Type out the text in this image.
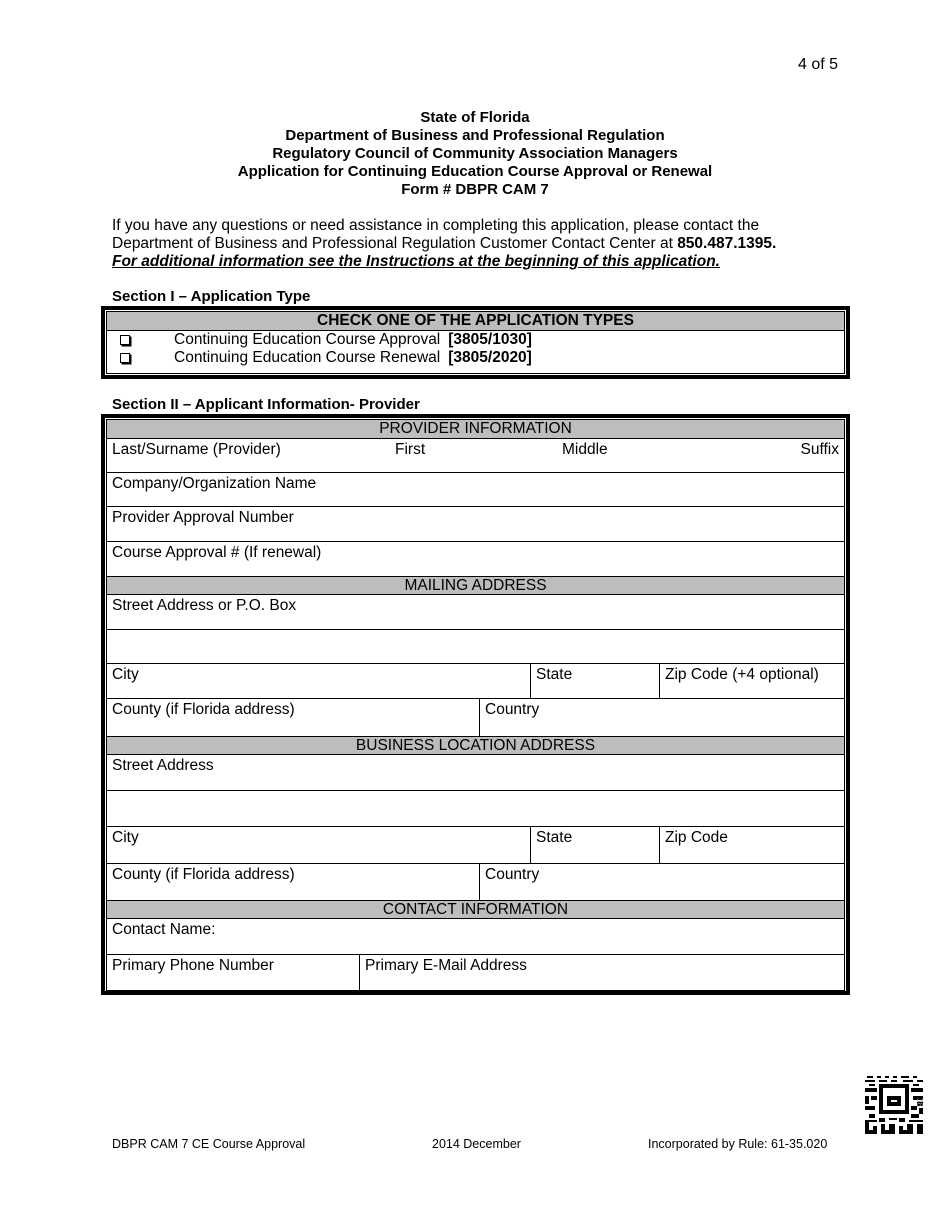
4 of 5
State of Florida
Department of Business and Professional Regulation
Regulatory Council of Community Association Managers
Application for Continuing Education Course Approval or Renewal
Form # DBPR CAM 7
If you have any questions or need assistance in completing this application, please contact the Department of Business and Professional Regulation Customer Contact Center at 850.487.1395.
For additional information see the Instructions at the beginning of this application.
Section I – Application Type
CHECK ONE OF THE APPLICATION TYPES
Continuing Education Course Approval [3805/1030]
Continuing Education Course Renewal [3805/2020]
Section II – Applicant Information- Provider
PROVIDER INFORMATION
Last/Surname (Provider)	First	Middle	Suffix
Company/Organization Name
Provider Approval Number
Course Approval # (If renewal)
MAILING ADDRESS
Street Address or P.O. Box
City	State	Zip Code (+4 optional)
County (if Florida address)	Country
BUSINESS LOCATION ADDRESS
Street Address
City	State	Zip Code
County (if Florida address)	Country
CONTACT INFORMATION
Contact Name:
Primary Phone Number	Primary E-Mail Address
38
DBPR CAM 7 CE Course Approval	2014 December	Incorporated by Rule: 61-35.020
